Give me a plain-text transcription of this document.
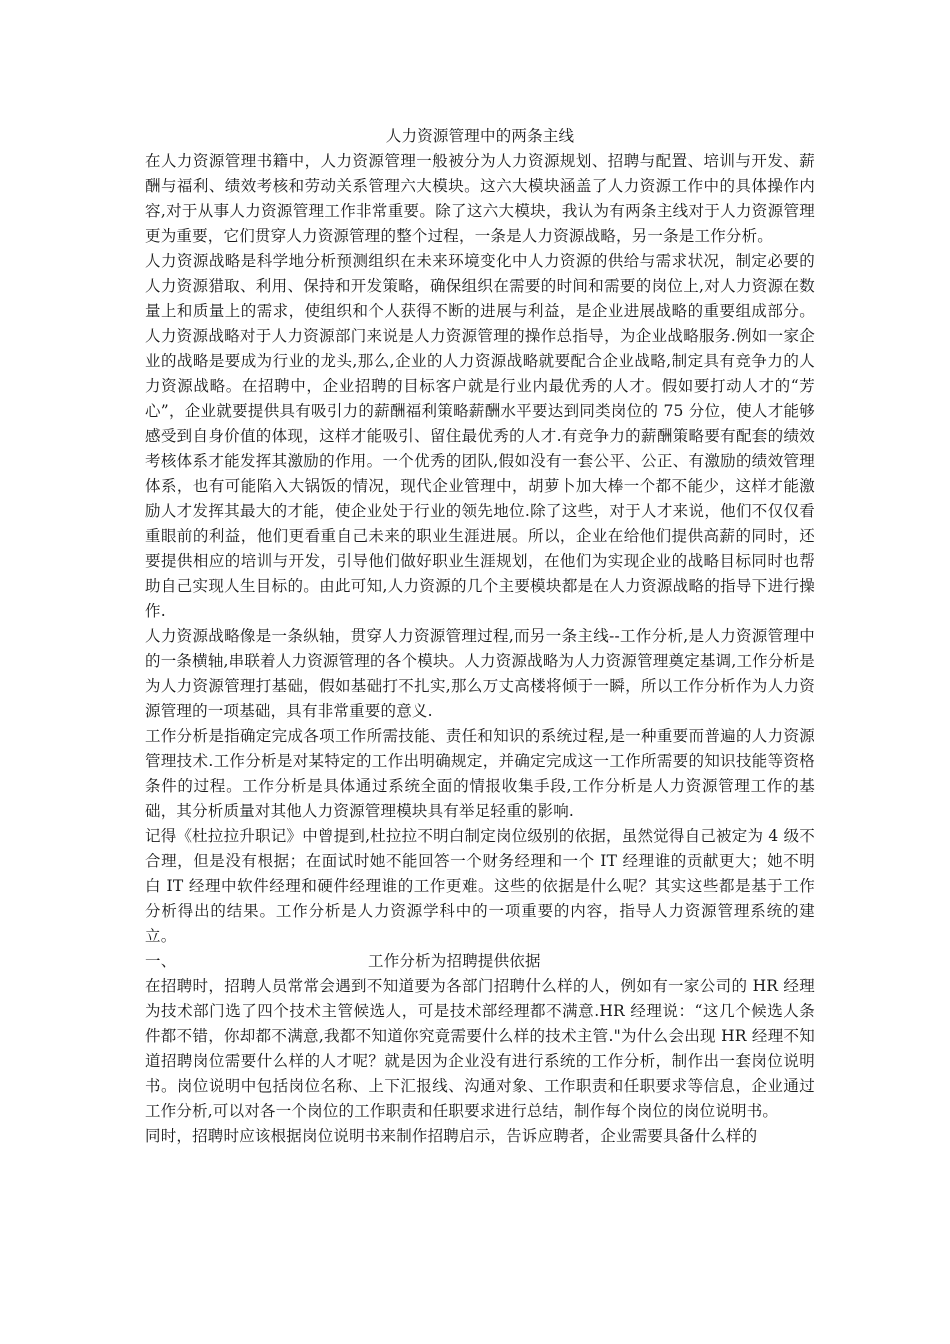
人力资源管理中的两条主线

在人力资源管理书籍中，人力资源管理一般被分为人力资源规划、招聘与配置、培训与开发、薪酬与福利、绩效考核和劳动关系管理六大模块。这六大模块涵盖了人力资源工作中的具体操作内容,对于从事人力资源管理工作非常重要。除了这六大模块，我认为有两条主线对于人力资源管理更为重要，它们贯穿人力资源管理的整个过程，一条是人力资源战略，另一条是工作分析。

人力资源战略是科学地分析预测组织在未来环境变化中人力资源的供给与需求状况，制定必要的人力资源猎取、利用、保持和开发策略，确保组织在需要的时间和需要的岗位上,对人力资源在数量上和质量上的需求，使组织和个人获得不断的进展与利益，是企业进展战略的重要组成部分。人力资源战略对于人力资源部门来说是人力资源管理的操作总指导，为企业战略服务.例如一家企业的战略是要成为行业的龙头,那么,企业的人力资源战略就要配合企业战略,制定具有竞争力的人力资源战略。在招聘中，企业招聘的目标客户就是行业内最优秀的人才。假如要打动人才的“芳心”，企业就要提供具有吸引力的薪酬福利策略薪酬水平要达到同类岗位的 75 分位，使人才能够感受到自身价值的体现，这样才能吸引、留住最优秀的人才.有竞争力的薪酬策略要有配套的绩效考核体系才能发挥其激励的作用。一个优秀的团队,假如没有一套公平、公正、有激励的绩效管理体系，也有可能陷入大锅饭的情况，现代企业管理中，胡萝卜加大棒一个都不能少，这样才能激励人才发挥其最大的才能，使企业处于行业的领先地位.除了这些，对于人才来说，他们不仅仅看重眼前的利益，他们更看重自己未来的职业生涯进展。所以，企业在给他们提供高薪的同时，还要提供相应的培训与开发，引导他们做好职业生涯规划，在他们为实现企业的战略目标同时也帮助自己实现人生目标的。由此可知,人力资源的几个主要模块都是在人力资源战略的指导下进行操作.

人力资源战略像是一条纵轴，贯穿人力资源管理过程,而另一条主线--工作分析,是人力资源管理中的一条横轴,串联着人力资源管理的各个模块。人力资源战略为人力资源管理奠定基调,工作分析是为人力资源管理打基础，假如基础打不扎实,那么万丈高楼将倾于一瞬，所以工作分析作为人力资源管理的一项基础，具有非常重要的意义.

工作分析是指确定完成各项工作所需技能、责任和知识的系统过程,是一种重要而普遍的人力资源管理技术.工作分析是对某特定的工作出明确规定，并确定完成这一工作所需要的知识技能等资格条件的过程。工作分析是具体通过系统全面的情报收集手段,工作分析是人力资源管理工作的基础，其分析质量对其他人力资源管理模块具有举足轻重的影响.

记得《杜拉拉升职记》中曾提到,杜拉拉不明白制定岗位级别的依据，虽然觉得自己被定为 4 级不合理，但是没有根据；在面试时她不能回答一个财务经理和一个 IT 经理谁的贡献更大；她不明白 IT 经理中软件经理和硬件经理谁的工作更难。这些的依据是什么呢？其实这些都是基于工作分析得出的结果。工作分析是人力资源学科中的一项重要的内容，指导人力资源管理系统的建立。

一、	工作分析为招聘提供依据

在招聘时，招聘人员常常会遇到不知道要为各部门招聘什么样的人，例如有一家公司的 HR 经理为技术部门选了四个技术主管候选人，可是技术部经理都不满意.HR 经理说：“这几个候选人条件都不错，你却都不满意,我都不知道你究竟需要什么样的技术主管."为什么会出现 HR 经理不知道招聘岗位需要什么样的人才呢？就是因为企业没有进行系统的工作分析，制作出一套岗位说明书。岗位说明中包括岗位名称、上下汇报线、沟通对象、工作职责和任职要求等信息，企业通过工作分析,可以对各一个岗位的工作职责和任职要求进行总结，制作每个岗位的岗位说明书。

同时，招聘时应该根据岗位说明书来制作招聘启示，告诉应聘者，企业需要具备什么样的
